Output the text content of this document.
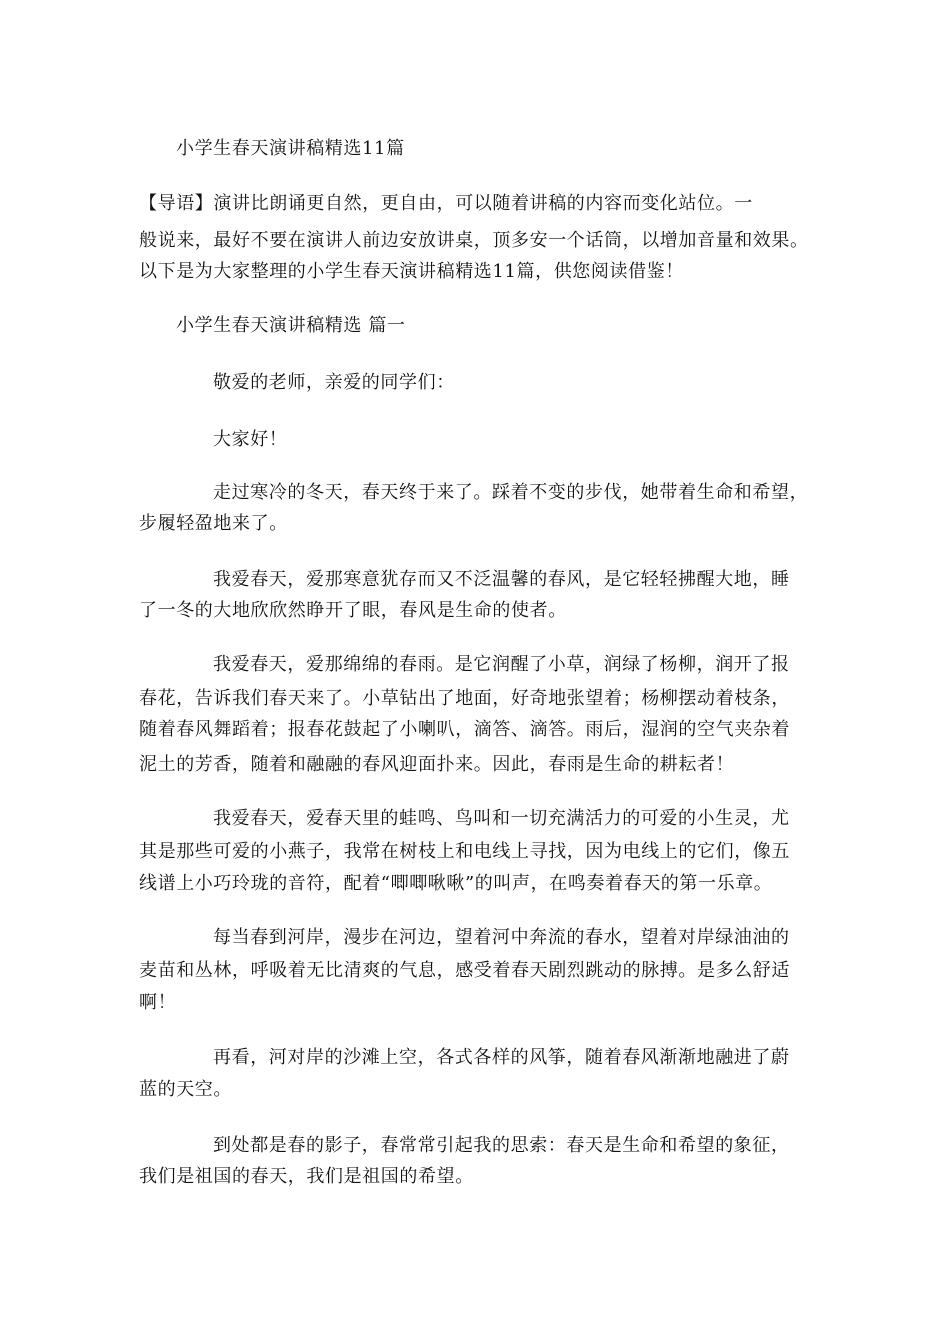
小学生春天演讲稿精选11篇
【导语】演讲比朗诵更自然，更自由，可以随着讲稿的内容而变化站位。一
般说来，最好不要在演讲人前边安放讲桌，顶多安一个话筒，以增加音量和效果。
以下是为大家整理的小学生春天演讲稿精选11篇，供您阅读借鉴！
小学生春天演讲稿精选 篇一
敬爱的老师，亲爱的同学们：
大家好！
走过寒冷的冬天，春天终于来了。踩着不变的步伐，她带着生命和希望，
步履轻盈地来了。
我爱春天，爱那寒意犹存而又不泛温馨的春风，是它轻轻拂醒大地，睡
了一冬的大地欣欣然睁开了眼，春风是生命的使者。
我爱春天，爱那绵绵的春雨。是它润醒了小草，润绿了杨柳，润开了报
春花，告诉我们春天来了。小草钻出了地面，好奇地张望着；杨柳摆动着枝条，
随着春风舞蹈着；报春花鼓起了小喇叭，滴答、滴答。雨后，湿润的空气夹杂着
泥土的芳香，随着和融融的春风迎面扑来。因此，春雨是生命的耕耘者！
我爱春天，爱春天里的蛙鸣、鸟叫和一切充满活力的可爱的小生灵，尤
其是那些可爱的小燕子，我常在树枝上和电线上寻找，因为电线上的它们，像五
线谱上小巧玲珑的音符，配着“唧唧啾啾”的叫声，在鸣奏着春天的第一乐章。
每当春到河岸，漫步在河边，望着河中奔流的春水，望着对岸绿油油的
麦苗和丛林，呼吸着无比清爽的气息，感受着春天剧烈跳动的脉搏。是多么舒适
啊！
再看，河对岸的沙滩上空，各式各样的风筝，随着春风渐渐地融进了蔚
蓝的天空。
到处都是春的影子，春常常引起我的思索：春天是生命和希望的象征，
我们是祖国的春天，我们是祖国的希望。
